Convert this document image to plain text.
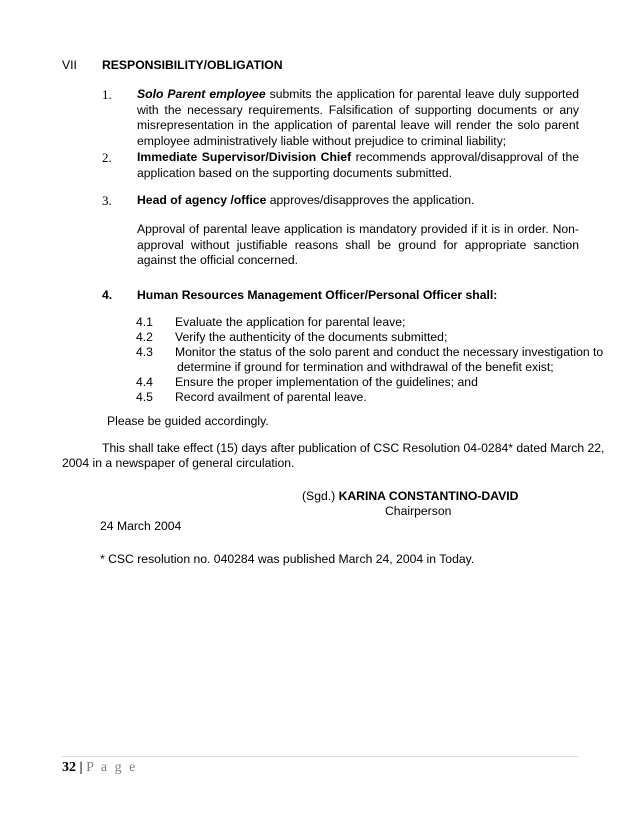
VII RESPONSIBILITY/OBLIGATION
1. Solo Parent employee submits the application for parental leave duly supported with the necessary requirements. Falsification of supporting documents or any misrepresentation in the application of parental leave will render the solo parent employee administratively liable without prejudice to criminal liability;
2. Immediate Supervisor/Division Chief recommends approval/disapproval of the application based on the supporting documents submitted.
3. Head of agency /office approves/disapproves the application.
Approval of parental leave application is mandatory provided if it is in order. Non-approval without justifiable reasons shall be ground for appropriate sanction against the official concerned.
4. Human Resources Management Officer/Personal Officer shall:
4.1 Evaluate the application for parental leave;
4.2 Verify the authenticity of the documents submitted;
4.3 Monitor the status of the solo parent and conduct the necessary investigation to
determine if ground for termination and withdrawal of the benefit exist;
4.4 Ensure the proper implementation of the guidelines; and
4.5 Record availment of parental leave.
Please be guided accordingly.
This shall take effect (15) days after publication of CSC Resolution 04-0284* dated March 22,
2004 in a newspaper of general circulation.
(Sgd.) KARINA CONSTANTINO-DAVID
Chairperson
24 March 2004
* CSC resolution no. 040284 was published March 24, 2004 in Today.
32 | P a g e
